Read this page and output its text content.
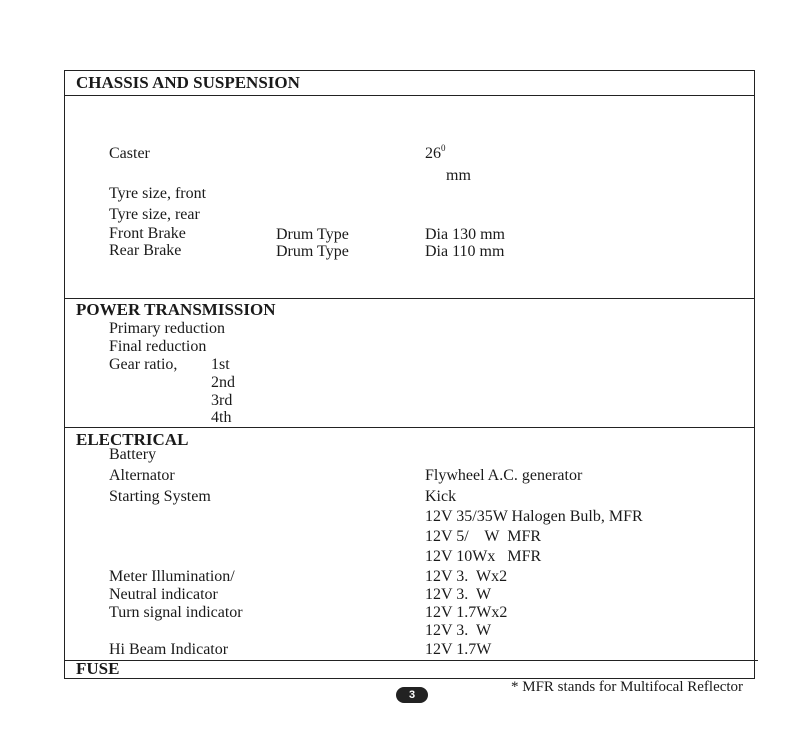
CHASSIS AND SUSPENSION
Caster	$26^0$
mm
Tyre size, front
Tyre size, rear
Front Brake	Drum Type	Dia 130 mm
Rear Brake	Drum Type	Dia 110 mm
POWER TRANSMISSION
Primary reduction
Final reduction
Gear ratio, 1st
2nd
3rd
4th
ELECTRICAL
Battery
Alternator	Flywheel A.C. generator
Starting System	Kick
12V 35/35W Halogen Bulb, MFR
12V 5/    W  MFR
12V 10Wx   MFR
Meter Illumination/	12V 3.  Wx2
Neutral indicator	12V 3.  W
Turn signal indicator	12V 1.7Wx2
12V 3.  W
Hi Beam Indicator	12V 1.7W
FUSE
* MFR stands for Multifocal Reflector
3
